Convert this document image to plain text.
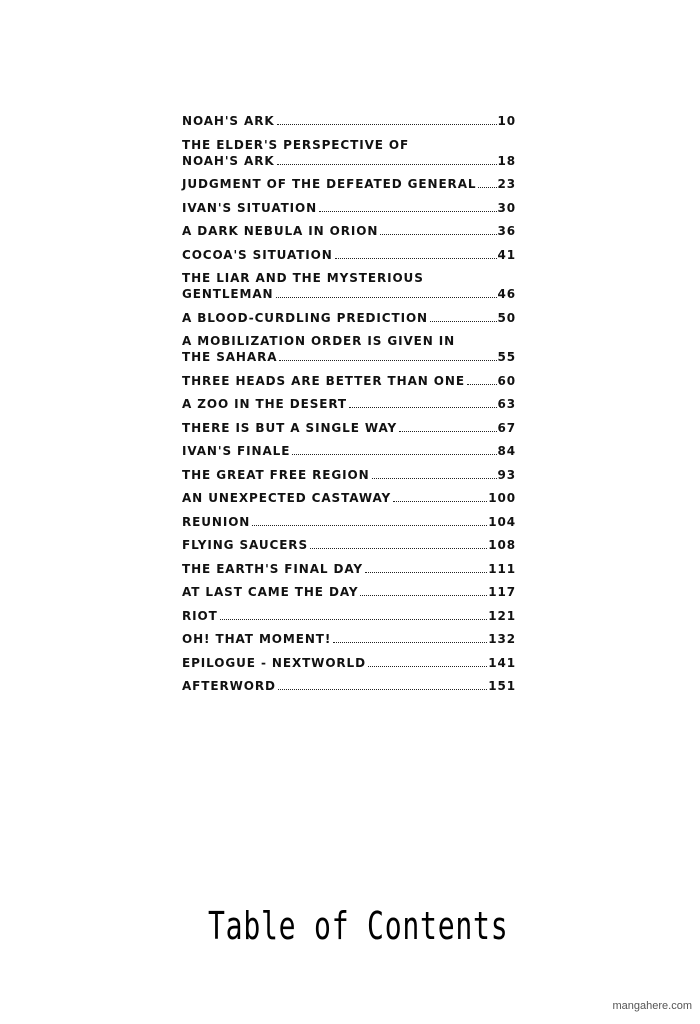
NOAH'S ARK	10
THE ELDER'S PERSPECTIVE OF
NOAH'S ARK	18
JUDGMENT OF THE DEFEATED GENERAL 23
IVAN'S SITUATION	30
A DARK NEBULA IN ORION	36
COCOA'S SITUATION	41
THE LIAR AND THE MYSTERIOUS
GENTLEMAN	46
A BLOOD-CURDLING PREDICTION	50
A MOBILIZATION ORDER IS GIVEN IN
THE SAHARA	55
THREE HEADS ARE BETTER THAN ONE	60
A ZOO IN THE DESERT	63
THERE IS BUT A SINGLE WAY	67
IVAN'S FINALE	84
THE GREAT FREE REGION	93
AN UNEXPECTED CASTAWAY	100
REUNION	104
FLYING SAUCERS	108
THE EARTH'S FINAL DAY	111
AT LAST CAME THE DAY	117
RIOT	121
OH! THAT MOMENT!	132
EPILOGUE - NEXTWORLD	141
AFTERWORD	151
Table of Contents
mangahere.com
